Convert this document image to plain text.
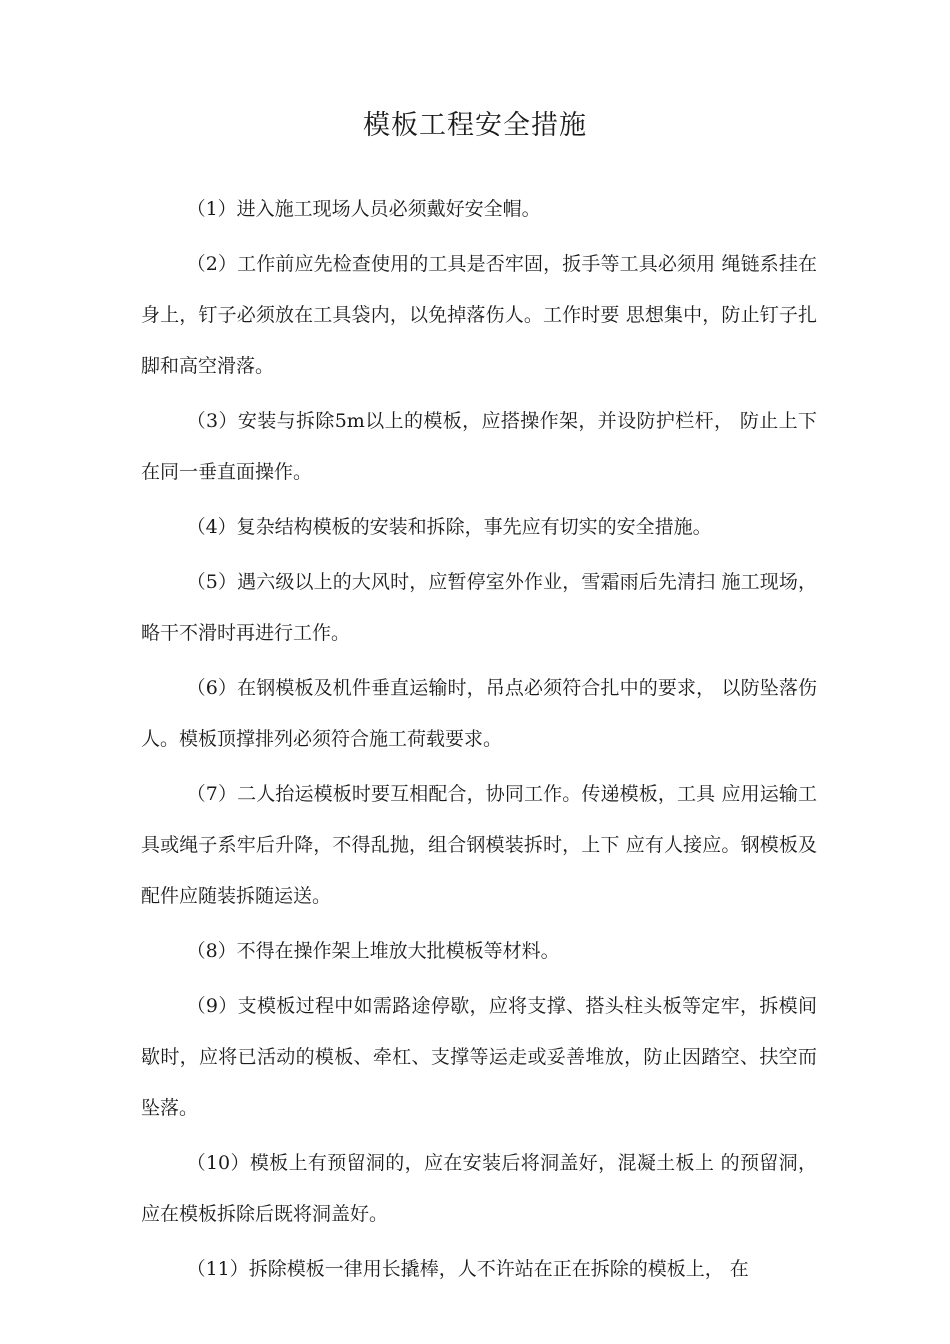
模板工程安全措施

（1）进入施工现场人员必须戴好安全帽。

（2）工作前应先检查使用的工具是否牢固，扳手等工具必须用 绳链系挂在身上，钉子必须放在工具袋内，以免掉落伤人。工作时要 思想集中，防止钉子扎脚和高空滑落。

（3）安装与拆除5m以上的模板，应搭操作架，并设防护栏杆， 防止上下在同一垂直面操作。

（4）复杂结构模板的安装和拆除，事先应有切实的安全措施。

（5）遇六级以上的大风时，应暂停室外作业，雪霜雨后先清扫 施工现场，略干不滑时再进行工作。

（6）在钢模板及机件垂直运输时，吊点必须符合扎中的要求， 以防坠落伤人。模板顶撑排列必须符合施工荷载要求。

（7）二人抬运模板时要互相配合，协同工作。传递模板，工具 应用运输工具或绳子系牢后升降，不得乱抛，组合钢模装拆时，上下 应有人接应。钢模板及配件应随装拆随运送。

（8）不得在操作架上堆放大批模板等材料。

（9）支模板过程中如需路途停歇，应将支撑、搭头柱头板等定牢，拆模间歇时，应将已活动的模板、牵杠、支撑等运走或妥善堆放，防止因踏空、扶空而坠落。

（10）模板上有预留洞的，应在安装后将洞盖好，混凝土板上 的预留洞，应在模板拆除后既将洞盖好。

（11）拆除模板一律用长撬棒，人不许站在正在拆除的模板上， 在
